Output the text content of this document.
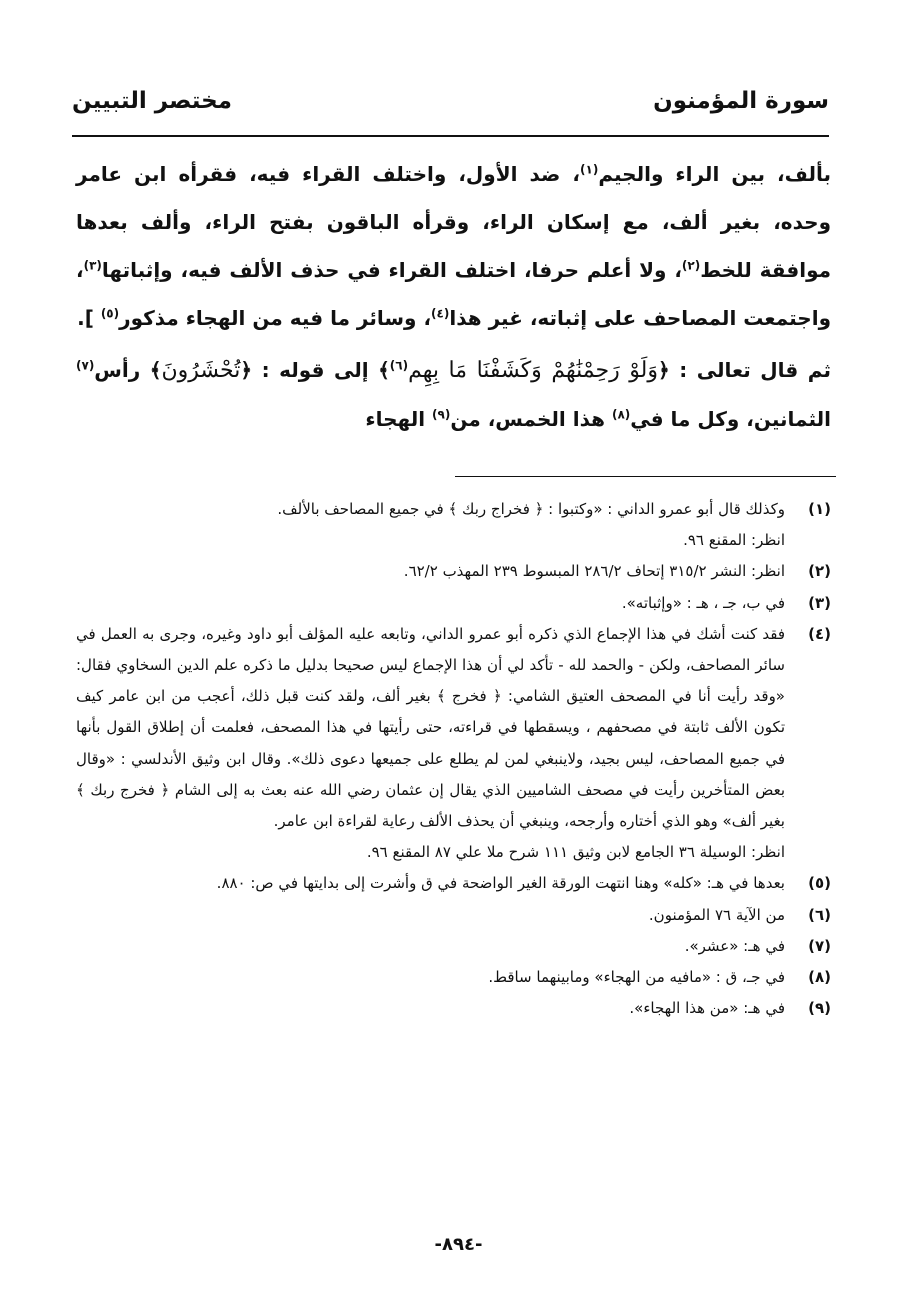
سورة المؤمنون
مختصر التبيين

بألف، بين الراء والجيم$^{(١)}$، ضد الأول، واختلف القراء فيه، فقرأه ابن عامر وحده، بغير ألف، مع إسكان الراء، وقرأه الباقون بفتح الراء، وألف بعدها موافقة للخط$^{(٢)}$، ولا أعلم حرفا، اختلف القراء في حذف الألف فيه، وإثباتها$^{(٣)}$، واجتمعت المصاحف على إثباته، غير هذا$^{(٤)}$، وسائر ما فيه من الهجاء مذكور$^{(٥)}$ ].

ثم قال تعالى : ﴿وَلَوْ رَحِمْنَٰهُمْ وَكَشَفْنَا مَا بِهِم$^{(٦)}$﴾ إلى قوله : ﴿تُحْشَرُونَ﴾ رأس$^{(٧)}$ الثمانين، وكل ما في$^{(٨)}$ هذا الخمس، من$^{(٩)}$ الهجاء

(١)
وكذلك قال أبو عمرو الداني : «وكتبوا : ﴿ فخراج ربك ﴾ في جميع المصاحف بالألف.
انظر: المقنع ٩٦.
(٢)
انظر: النشر ٣١٥/٢ إتحاف ٢٨٦/٢ المبسوط ٢٣٩ المهذب ٦٢/٢.
(٣)
في ب، جـ ، هـ : «وإثباته».
(٤)
فقد كنت أشك في هذا الإجماع الذي ذكره أبو عمرو الداني، وتابعه عليه المؤلف أبو داود وغيره، وجرى به العمل في سائر المصاحف، ولكن - والحمد لله - تأكد لي أن هذا الإجماع ليس صحيحا بدليل ما ذكره علم الدين السخاوي فقال: «وقد رأيت أنا في المصحف العتيق الشامي: ﴿ فخرج ﴾ بغير ألف، ولقد كنت قبل ذلك، أعجب من ابن عامر كيف تكون الألف ثابتة في مصحفهم ، ويسقطها في قراءته، حتى رأيتها في هذا المصحف، فعلمت أن إطلاق القول بأنها في جميع المصاحف، ليس بجيد، ولاينبغي لمن لم يطلع على جميعها دعوى ذلك». وقال ابن وثيق الأندلسي : «وقال بعض المتأخرين رأيت في مصحف الشاميين الذي يقال إن عثمان رضي الله عنه بعث به إلى الشام ﴿ فخرج ربك ﴾ بغير ألف» وهو الذي أختاره وأرجحه، وينبغي أن يحذف الألف رعاية لقراءة ابن عامر.
انظر: الوسيلة ٣٦ الجامع لابن وثيق ١١١ شرح ملا علي ٨٧ المقنع ٩٦.
(٥)
بعدها في هـ: «كله» وهنا انتهت الورقة الغير الواضحة في ق وأشرت إلى بدايتها في ص: ٨٨٠.
(٦)
من الآية ٧٦ المؤمنون.
(٧)
في هـ: «عشر».
(٨)
في جـ، ق : «مافيه من الهجاء» ومابينهما ساقط.
(٩)
في هـ: «من هذا الهجاء».
-٨٩٤-
